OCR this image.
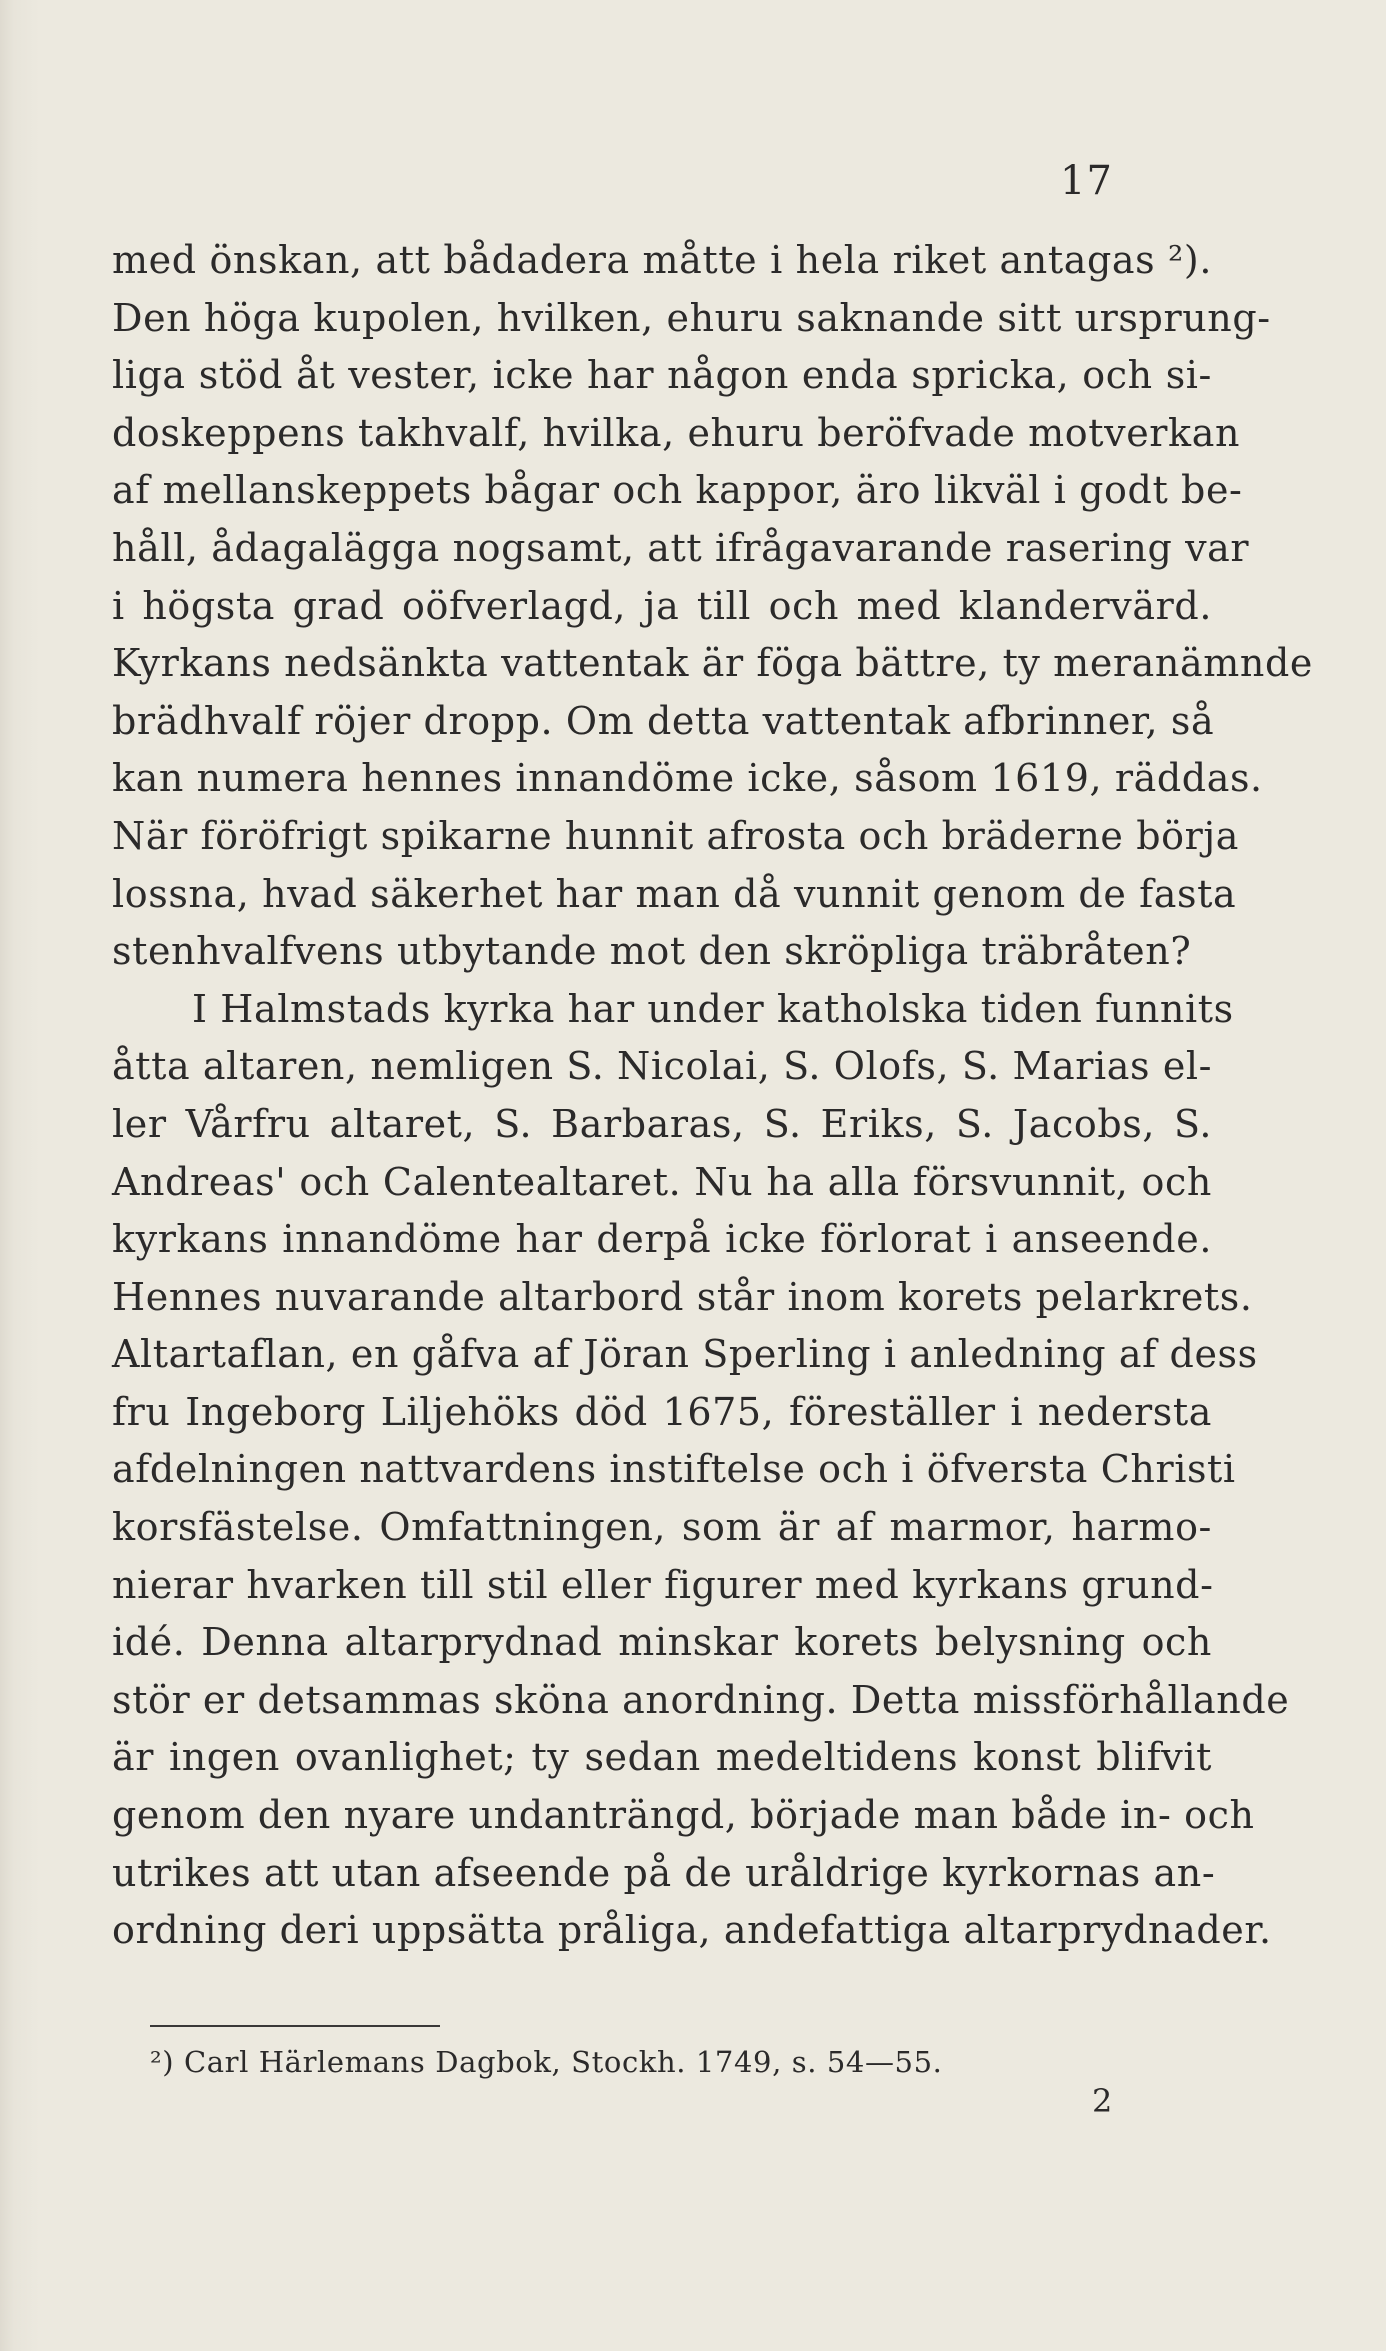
17
med önskan, att bådadera måtte i hela riket antagas ²).
Den höga kupolen, hvilken, ehuru saknande sitt ursprung-
liga stöd åt vester, icke har någon enda spricka, och si-
doskeppens takhvalf, hvilka, ehuru beröfvade motverkan
af mellanskeppets bågar och kappor, äro likväl i godt be-
håll, ådagalägga nogsamt, att ifrågavarande rasering var
i högsta grad oöfverlagd, ja till och med klandervärd.
Kyrkans nedsänkta vattentak är föga bättre, ty meranämnde
brädhvalf röjer dropp. Om detta vattentak afbrinner, så
kan numera hennes innandöme icke, såsom 1619, räddas.
När föröfrigt spikarne hunnit afrosta och bräderne börja
lossna, hvad säkerhet har man då vunnit genom de fasta
stenhvalfvens utbytande mot den skröpliga träbråten?
I Halmstads kyrka har under katholska tiden funnits
åtta altaren, nemligen S. Nicolai, S. Olofs, S. Marias el-
ler Vårfru altaret, S. Barbaras, S. Eriks, S. Jacobs, S.
Andreas' och Calentealtaret. Nu ha alla försvunnit, och
kyrkans innandöme har derpå icke förlorat i anseende.
Hennes nuvarande altarbord står inom korets pelarkrets.
Altartaflan, en gåfva af Jöran Sperling i anledning af dess
fru Ingeborg Liljehöks död 1675, föreställer i nedersta
afdelningen nattvardens instiftelse och i öfversta Christi
korsfästelse. Omfattningen, som är af marmor, harmo-
nierar hvarken till stil eller figurer med kyrkans grund-
idé. Denna altarprydnad minskar korets belysning och
stör er detsammas sköna anordning. Detta missförhållande
är ingen ovanlighet; ty sedan medeltidens konst blifvit
genom den nyare undanträngd, började man både in- och
utrikes att utan afseende på de uråldrige kyrkornas an-
ordning deri uppsätta pråliga, andefattiga altarprydnader.
²) Carl Härlemans Dagbok, Stockh. 1749, s. 54—55.
2
